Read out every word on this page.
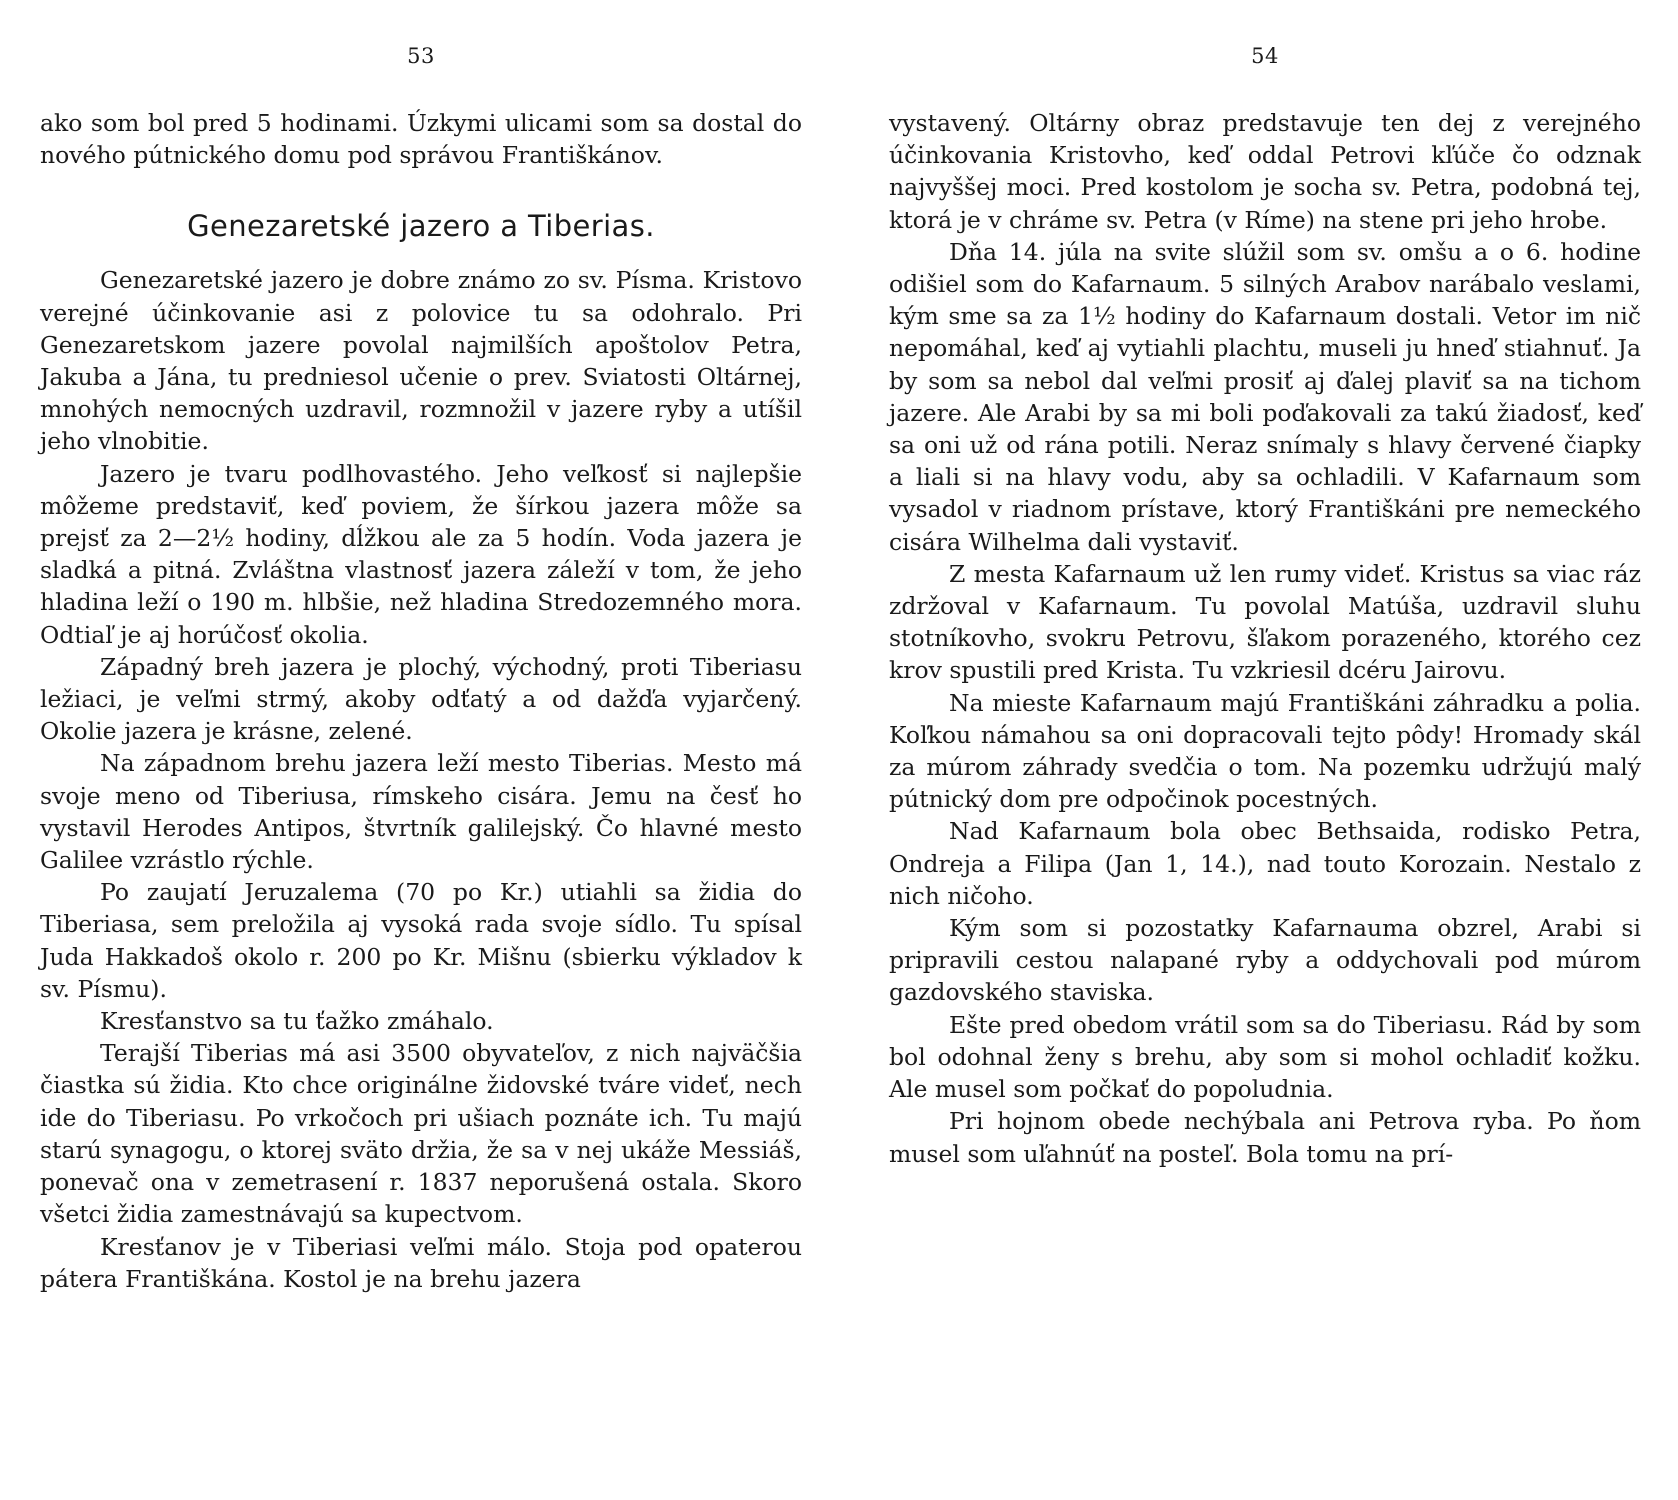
53

ako som bol pred 5 hodinami. Úzkymi ulicami som sa dostal do nového pútnického domu pod správou Františkánov.

Genezaretské jazero a Tiberias.

Genezaretské jazero je dobre známo zo sv. Písma. Kristovo verejné účinkovanie asi z polovice tu sa odohralo. Pri Genezaretskom jazere povolal najmilších apoštolov Petra, Jakuba a Jána, tu predniesol učenie o prev. Sviatosti Oltárnej, mnohých nemocných uzdravil, rozmnožil v jazere ryby a utíšil jeho vlnobitie.

Jazero je tvaru podlhovastého. Jeho veľkosť si najlepšie môžeme predstaviť, keď poviem, že šírkou jazera môže sa prejsť za 2—2½ hodiny, dĺžkou ale za 5 hodín. Voda jazera je sladká a pitná. Zvláštna vlastnosť jazera záleží v tom, že jeho hladina leží o 190 m. hlbšie, než hladina Stredozemného mora. Odtiaľ je aj horúčosť okolia.

Západný breh jazera je plochý, východný, proti Tiberiasu ležiaci, je veľmi strmý, akoby odťatý a od dažďa vyjarčený. Okolie jazera je krásne, zelené.

Na západnom brehu jazera leží mesto Tiberias. Mesto má svoje meno od Tiberiusa, rímskeho cisára. Jemu na česť ho vystavil Herodes Antipos, štvrtník galilejský. Čo hlavné mesto Galilee vzrástlo rýchle.

Po zaujatí Jeruzalema (70 po Kr.) utiahli sa židia do Tiberiasa, sem preložila aj vysoká rada svoje sídlo. Tu spísal Juda Hakkadoš okolo r. 200 po Kr. Mišnu (sbierku výkladov k sv. Písmu).

Kresťanstvo sa tu ťažko zmáhalo.

Terajší Tiberias má asi 3500 obyvateľov, z nich najväčšia čiastka sú židia. Kto chce originálne židovské tváre videť, nech ide do Tiberiasu. Po vrkočoch pri ušiach poznáte ich. Tu majú starú synagogu, o ktorej sväto držia, že sa v nej ukáže Messiáš, ponevač ona v zemetrasení r. 1837 neporušená ostala. Skoro všetci židia zamestnávajú sa kupectvom.

Kresťanov je v Tiberiasi veľmi málo. Stoja pod opaterou pátera Františkána. Kostol je na brehu jazera

54

vystavený. Oltárny obraz predstavuje ten dej z verejného účinkovania Kristovho, keď oddal Petrovi kľúče čo odznak najvyššej moci. Pred kostolom je socha sv. Petra, podobná tej, ktorá je v chráme sv. Petra (v Ríme) na stene pri jeho hrobe.

Dňa 14. júla na svite slúžil som sv. omšu a o 6. hodine odišiel som do Kafarnaum. 5 silných Arabov narábalo veslami, kým sme sa za 1½ hodiny do Kafarnaum dostali. Vetor im nič nepomáhal, keď aj vytiahli plachtu, museli ju hneď stiahnuť. Ja by som sa nebol dal veľmi prosiť aj ďalej plaviť sa na tichom jazere. Ale Arabi by sa mi boli poďakovali za takú žiadosť, keď sa oni už od rána potili. Neraz snímaly s hlavy červené čiapky a liali si na hlavy vodu, aby sa ochladili. V Kafarnaum som vysadol v riadnom prístave, ktorý Františkáni pre nemeckého cisára Wilhelma dali vystaviť.

Z mesta Kafarnaum už len rumy videť. Kristus sa viac ráz zdržoval v Kafarnaum. Tu povolal Matúša, uzdravil sluhu stotníkovho, svokru Petrovu, šľakom porazeného, ktorého cez krov spustili pred Krista. Tu vzkriesil dcéru Jairovu.

Na mieste Kafarnaum majú Františkáni záhradku a polia. Koľkou námahou sa oni dopracovali tejto pôdy! Hromady skál za múrom záhrady svedčia o tom. Na pozemku udržujú malý pútnický dom pre odpočinok pocestných.

Nad Kafarnaum bola obec Bethsaida, rodisko Petra, Ondreja a Filipa (Jan 1, 14.), nad touto Korozain. Nestalo z nich ničoho.

Kým som si pozostatky Kafarnauma obzrel, Arabi si pripravili cestou nalapané ryby a oddychovali pod múrom gazdovského staviska.

Ešte pred obedom vrátil som sa do Tiberiasu. Rád by som bol odohnal ženy s brehu, aby som si mohol ochladiť kožku. Ale musel som počkať do popoludnia.

Pri hojnom obede nechýbala ani Petrova ryba. Po ňom musel som uľahnúť na posteľ. Bola tomu na prí-
